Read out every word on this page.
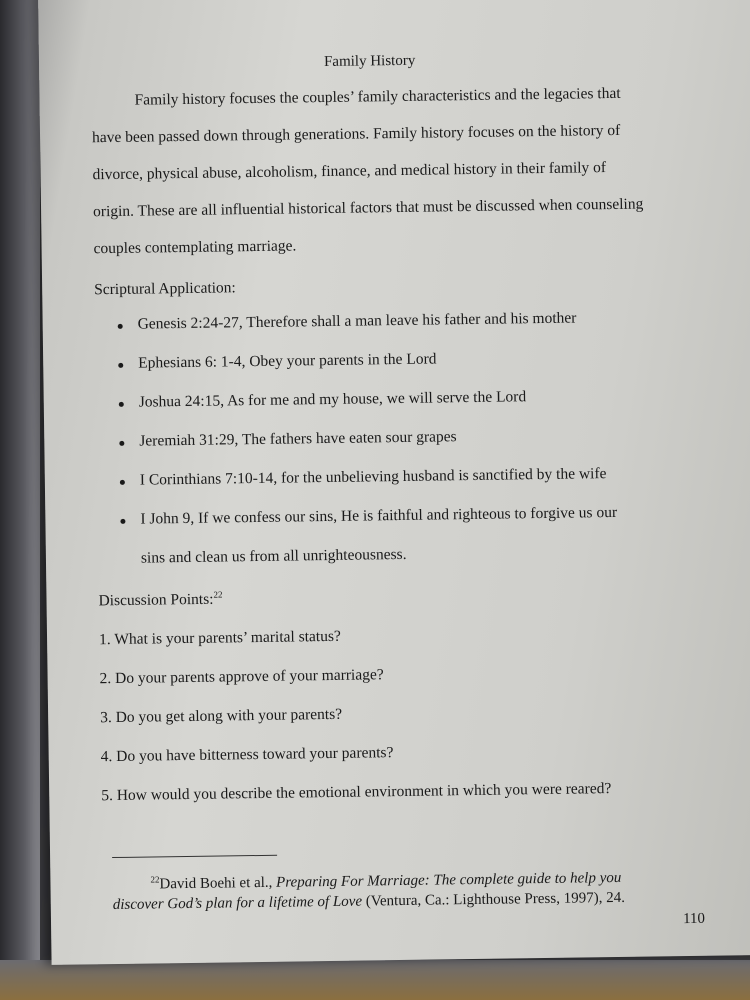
Family History
Family history focuses the couples’ family characteristics and the legacies that
have been passed down through generations. Family history focuses on the history of
divorce, physical abuse, alcoholism, finance, and medical history in their family of
origin. These are all influential historical factors that must be discussed when counseling
couples contemplating marriage.
Scriptural Application:
Genesis 2:24-27, Therefore shall a man leave his father and his mother
Ephesians 6: 1-4, Obey your parents in the Lord
Joshua 24:15, As for me and my house, we will serve the Lord
Jeremiah 31:29, The fathers have eaten sour grapes
I Corinthians 7:10-14, for the unbelieving husband is sanctified by the wife
I John 9, If we confess our sins, He is faithful and righteous to forgive us our
sins and clean us from all unrighteousness.
Discussion Points:$^{22}$
1. What is your parents’ marital status?
2. Do your parents approve of your marriage?
3. Do you get along with your parents?
4. Do you have bitterness toward your parents?
5. How would you describe the emotional environment in which you were reared?
$^{22}$David Boehi et al., Preparing For Marriage: The complete guide to help you
discover God’s plan for a lifetime of Love (Ventura, Ca.: Lighthouse Press, 1997), 24.
110
